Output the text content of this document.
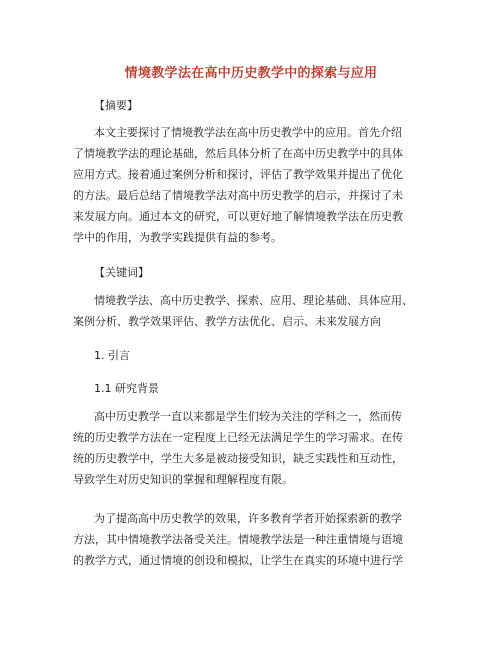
情境教学法在高中历史教学中的探索与应用
【摘要】
本文主要探讨了情境教学法在高中历史教学中的应用。首先介绍
了情境教学法的理论基础，然后具体分析了在高中历史教学中的具体
应用方式。接着通过案例分析和探讨，评估了教学效果并提出了优化
的方法。最后总结了情境教学法对高中历史教学的启示，并探讨了未
来发展方向。通过本文的研究，可以更好地了解情境教学法在历史教
学中的作用，为教学实践提供有益的参考。
【关键词】
情境教学法、高中历史教学、探索、应用、理论基础、具体应用、
案例分析、教学效果评估、教学方法优化、启示、未来发展方向
1. 引言
1.1 研究背景
高中历史教学一直以来都是学生们较为关注的学科之一，然而传
统的历史教学方法在一定程度上已经无法满足学生的学习需求。在传
统的历史教学中，学生大多是被动接受知识，缺乏实践性和互动性，
导致学生对历史知识的掌握和理解程度有限。
为了提高高中历史教学的效果，许多教育学者开始探索新的教学
方法，其中情境教学法备受关注。情境教学法是一种注重情境与语境
的教学方式，通过情境的创设和模拟，让学生在真实的环境中进行学
